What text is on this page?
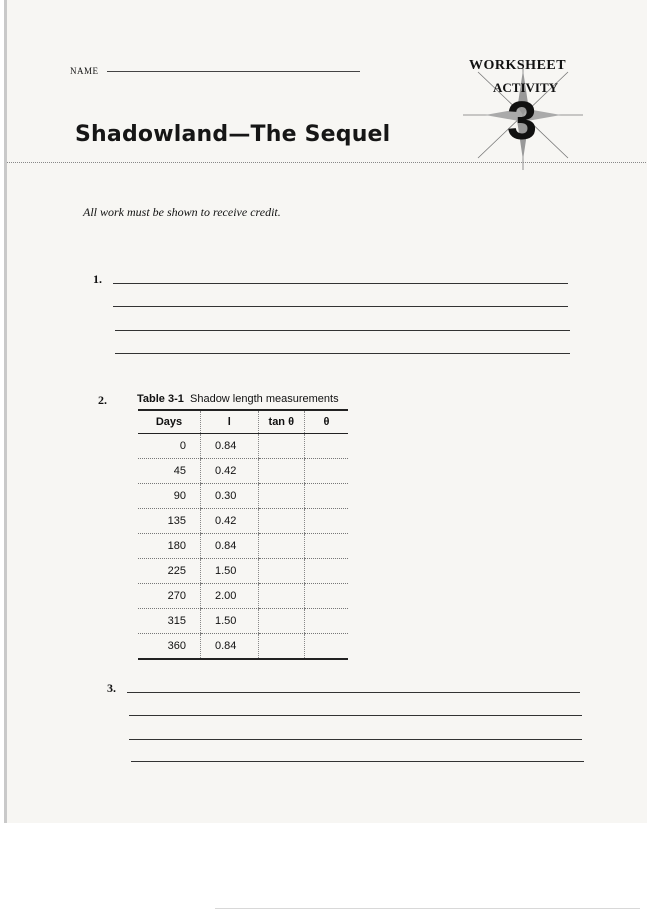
NAME	WORKSHEET
ACTIVITY
3
Shadowland—The Sequel
All work must be shown to receive credit.
1.
2.	Table 3-1 Shadow length measurements
Days	l	tan θ	θ
0	0.84		
45	0.42		
90	0.30		
135	0.42		
180	0.84		
225	1.50		
270	2.00		
315	1.50		
360	0.84		
3.
